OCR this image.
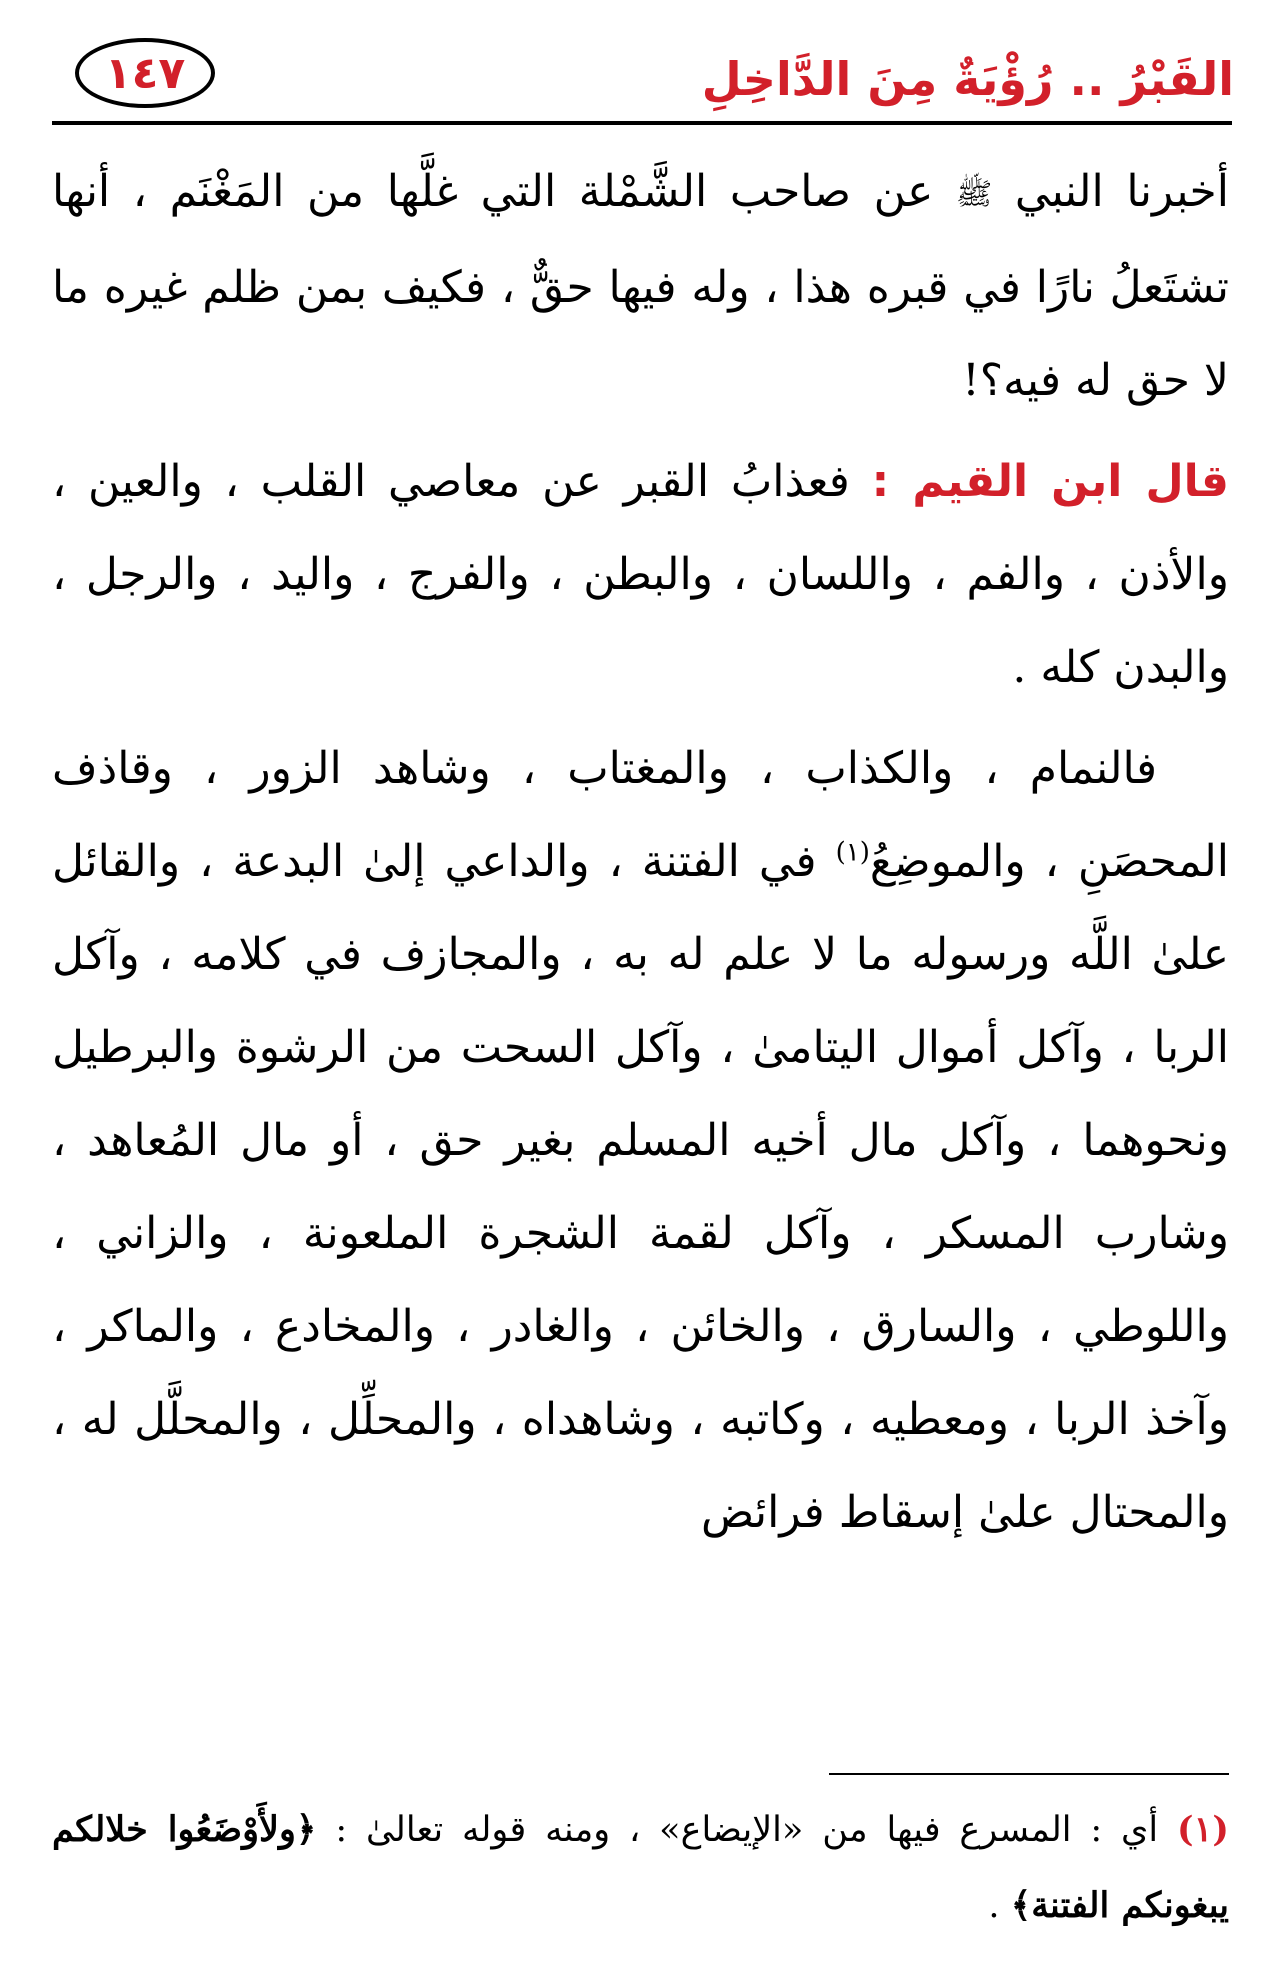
القَبْرُ .. رُؤْيَةٌ مِنَ الدَّاخِلِ
١٤٧

أخبرنا النبي ﷺ عن صاحب الشَّمْلة التي غلَّها من المَغْنَم ، أنها تشتَعلُ نارًا في قبره هذا ، وله فيها حقٌّ ، فكيف بمن ظلم غيره ما لا حق له فيه؟!

قال ابن القيم : فعذابُ القبر عن معاصي القلب ، والعين ، والأذن ، والفم ، واللسان ، والبطن ، والفرج ، واليد ، والرجل ، والبدن كله .

فالنمام ، والكذاب ، والمغتاب ، وشاهد الزور ، وقاذف المحصَنِ ، والموضِعُ$^{(١)}$ في الفتنة ، والداعي إلىٰ البدعة ، والقائل علىٰ اللَّه ورسوله ما لا علم له به ، والمجازف في كلامه ، وآكل الربا ، وآكل أموال اليتامىٰ ، وآكل السحت من الرشوة والبرطيل ونحوهما ، وآكل مال أخيه المسلم بغير حق ، أو مال المُعاهد ، وشارب المسكر ، وآكل لقمة الشجرة الملعونة ، والزاني ، واللوطي ، والسارق ، والخائن ، والغادر ، والمخادع ، والماكر ، وآخذ الربا ، ومعطيه ، وكاتبه ، وشاهداه ، والمحلِّل ، والمحلَّل له ، والمحتال علىٰ إسقاط فرائض

(١) أي : المسرع فيها من «الإيضاع» ، ومنه قوله تعالىٰ : ﴿ولأَوْضَعُوا خلالكم يبغونكم الفتنة﴾ .
